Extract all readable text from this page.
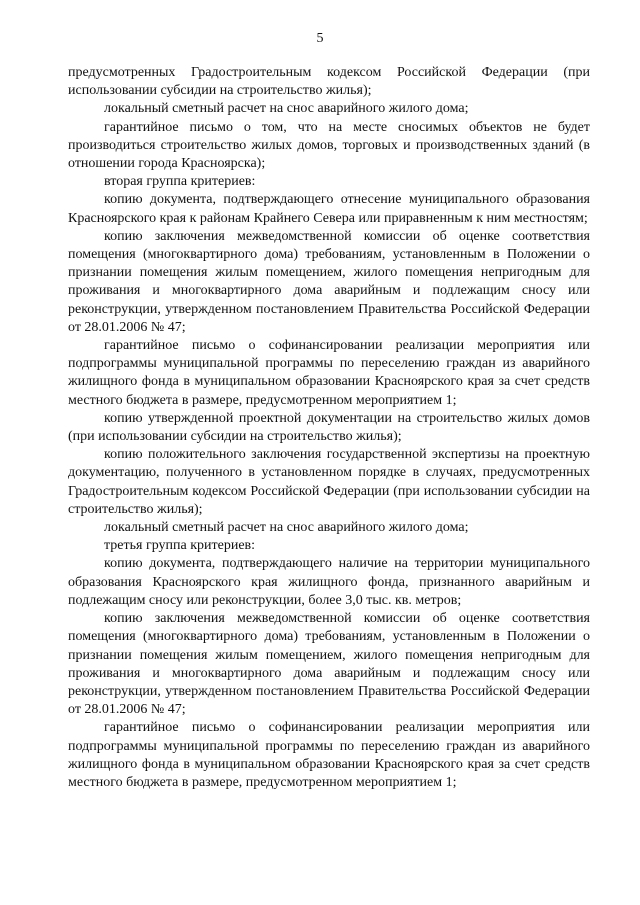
5

предусмотренных Градостроительным кодексом Российской Федерации (при использовании субсидии на строительство жилья);

локальный сметный расчет на снос аварийного жилого дома;

гарантийное письмо о том, что на месте сносимых объектов не будет производиться строительство жилых домов, торговых и производственных зданий (в отношении города Красноярска);

вторая группа критериев:

копию документа, подтверждающего отнесение муниципального образования Красноярского края к районам Крайнего Севера или приравненным к ним местностям;

копию заключения межведомственной комиссии об оценке соответствия помещения (многоквартирного дома) требованиям, установленным в Положении о признании помещения жилым помещением, жилого помещения непригодным для проживания и многоквартирного дома аварийным и подлежащим сносу или реконструкции, утвержденном постановлением Правительства Российской Федерации от 28.01.2006 № 47;

гарантийное письмо о софинансировании реализации мероприятия или подпрограммы муниципальной программы по переселению граждан из аварийного жилищного фонда в муниципальном образовании Красноярского края за счет средств местного бюджета в размере, предусмотренном мероприятием 1;

копию утвержденной проектной документации на строительство жилых домов (при использовании субсидии на строительство жилья);

копию положительного заключения государственной экспертизы на проектную документацию, полученного в установленном порядке в случаях, предусмотренных Градостроительным кодексом Российской Федерации (при использовании субсидии на строительство жилья);

локальный сметный расчет на снос аварийного жилого дома;

третья группа критериев:

копию документа, подтверждающего наличие на территории муниципального образования Красноярского края жилищного фонда, признанного аварийным и подлежащим сносу или реконструкции, более 3,0 тыс. кв. метров;

копию заключения межведомственной комиссии об оценке соответствия помещения (многоквартирного дома) требованиям, установленным в Положении о признании помещения жилым помещением, жилого помещения непригодным для проживания и многоквартирного дома аварийным и подлежащим сносу или реконструкции, утвержденном постановлением Правительства Российской Федерации от 28.01.2006 № 47;

гарантийное письмо о софинансировании реализации мероприятия или подпрограммы муниципальной программы по переселению граждан из аварийного жилищного фонда в муниципальном образовании Красноярского края за счет средств местного бюджета в размере, предусмотренном мероприятием 1;
